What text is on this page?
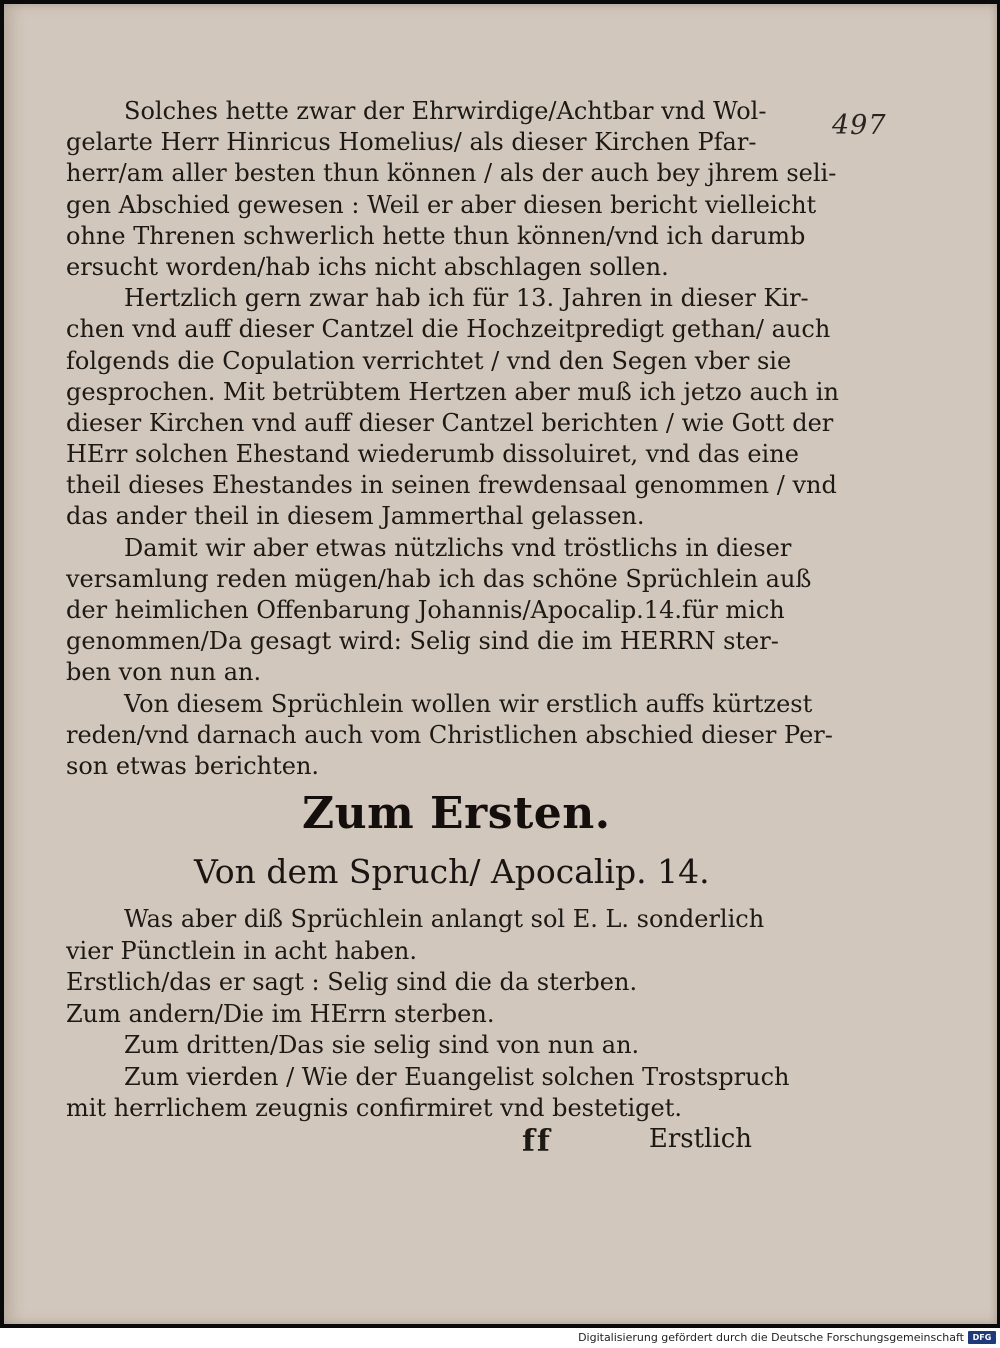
497
Solches hette zwar der Ehrwirdige/Achtbar vnd Wol-
gelarte Herr Hinricus Homelius/ als dieser Kirchen Pfar-
herr/am aller besten thun können / als der auch bey jhrem seli-
gen Abschied gewesen : Weil er aber diesen bericht vielleicht
ohne Threnen schwerlich hette thun können/vnd ich darumb
ersucht worden/hab ichs nicht abschlagen sollen.
Hertzlich gern zwar hab ich für 13. Jahren in dieser Kir-
chen vnd auff dieser Cantzel die Hochzeitpredigt gethan/ auch
folgends die Copulation verrichtet / vnd den Segen vber sie
gesprochen. Mit betrübtem Hertzen aber muß ich jetzo auch in
dieser Kirchen vnd auff dieser Cantzel berichten / wie Gott der
HErr solchen Ehestand wiederumb dissoluiret, vnd das eine
theil dieses Ehestandes in seinen frewdensaal genommen / vnd
das ander theil in diesem Jammerthal gelassen.
Damit wir aber etwas nützlichs vnd tröstlichs in dieser
versamlung reden mügen/hab ich das schöne Sprüchlein auß
der heimlichen Offenbarung Johannis/Apocalip.14.für mich
genommen/Da gesagt wird: Selig sind die im HERRN ster-
ben von nun an.
Von diesem Sprüchlein wollen wir erstlich auffs kürtzest
reden/vnd darnach auch vom Christlichen abschied dieser Per-
son etwas berichten.
Zum Ersten.
Von dem Spruch/ Apocalip. 14.
Was aber diß Sprüchlein anlangt sol E. L. sonderlich
vier Pünctlein in acht haben.
Erstlich/das er sagt : Selig sind die da sterben.
Zum andern/Die im HErrn sterben.
Zum dritten/Das sie selig sind von nun an.
Zum vierden / Wie der Euangelist solchen Trostspruch
mit herrlichem zeugnis confirmiret vnd bestetiget.
ff	Erstlich
Digitalisierung gefördert durch die Deutsche Forschungsgemeinschaft	DFG
